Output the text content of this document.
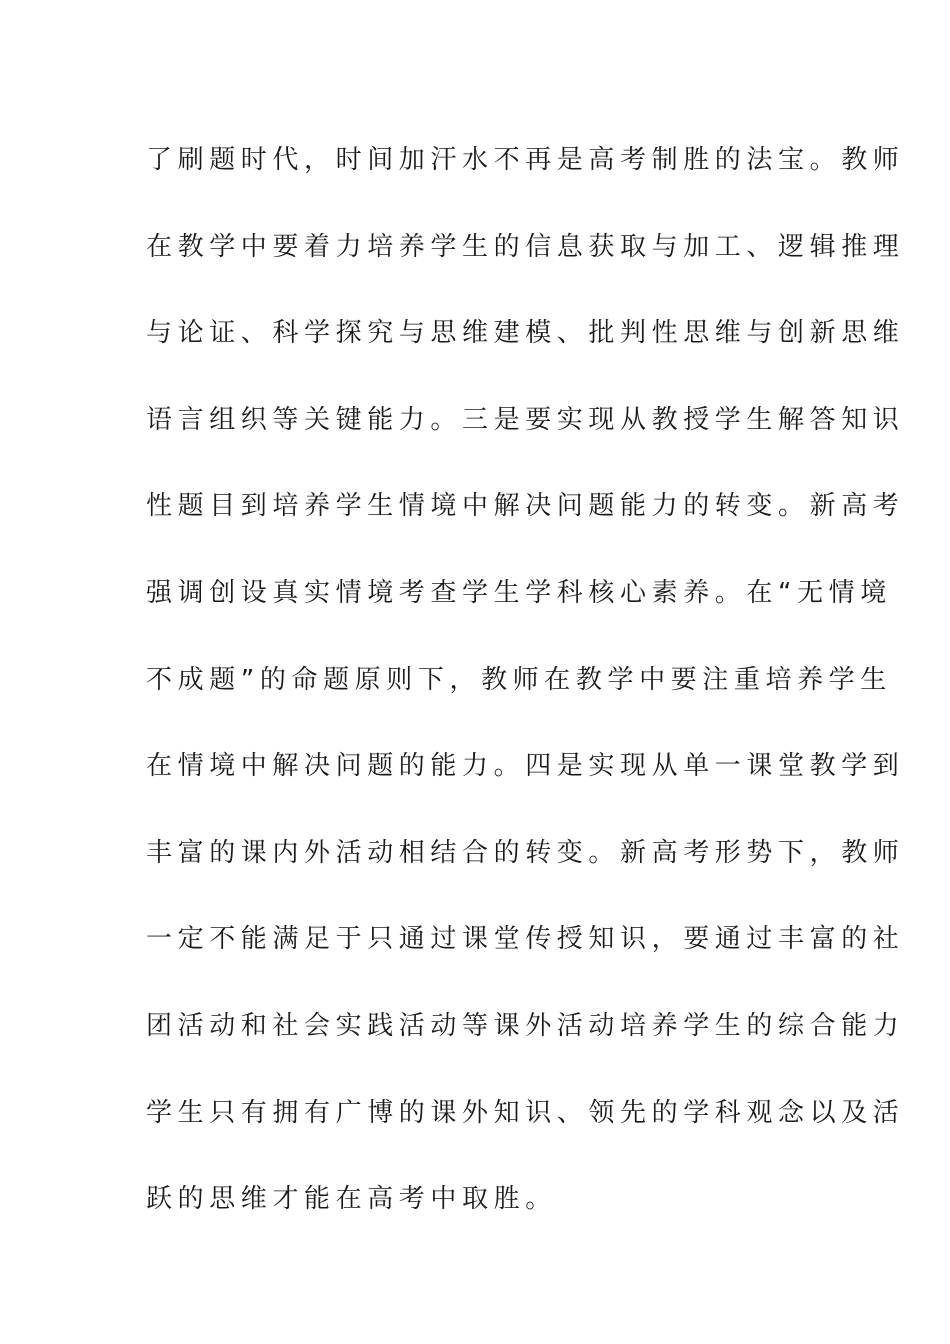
了刷题时代，时间加汗水不再是高考制胜的法宝。教师
在教学中要着力培养学生的信息获取与加工、逻辑推理
与论证、科学探究与思维建模、批判性思维与创新思维
语言组织等关键能力。三是要实现从教授学生解答知识
性题目到培养学生情境中解决问题能力的转变。新高考
强调创设真实情境考查学生学科核心素养。在“无情境
不成题”的命题原则下，教师在教学中要注重培养学生
在情境中解决问题的能力。四是实现从单一课堂教学到
丰富的课内外活动相结合的转变。新高考形势下，教师
一定不能满足于只通过课堂传授知识，要通过丰富的社
团活动和社会实践活动等课外活动培养学生的综合能力
学生只有拥有广博的课外知识、领先的学科观念以及活
跃的思维才能在高考中取胜。
